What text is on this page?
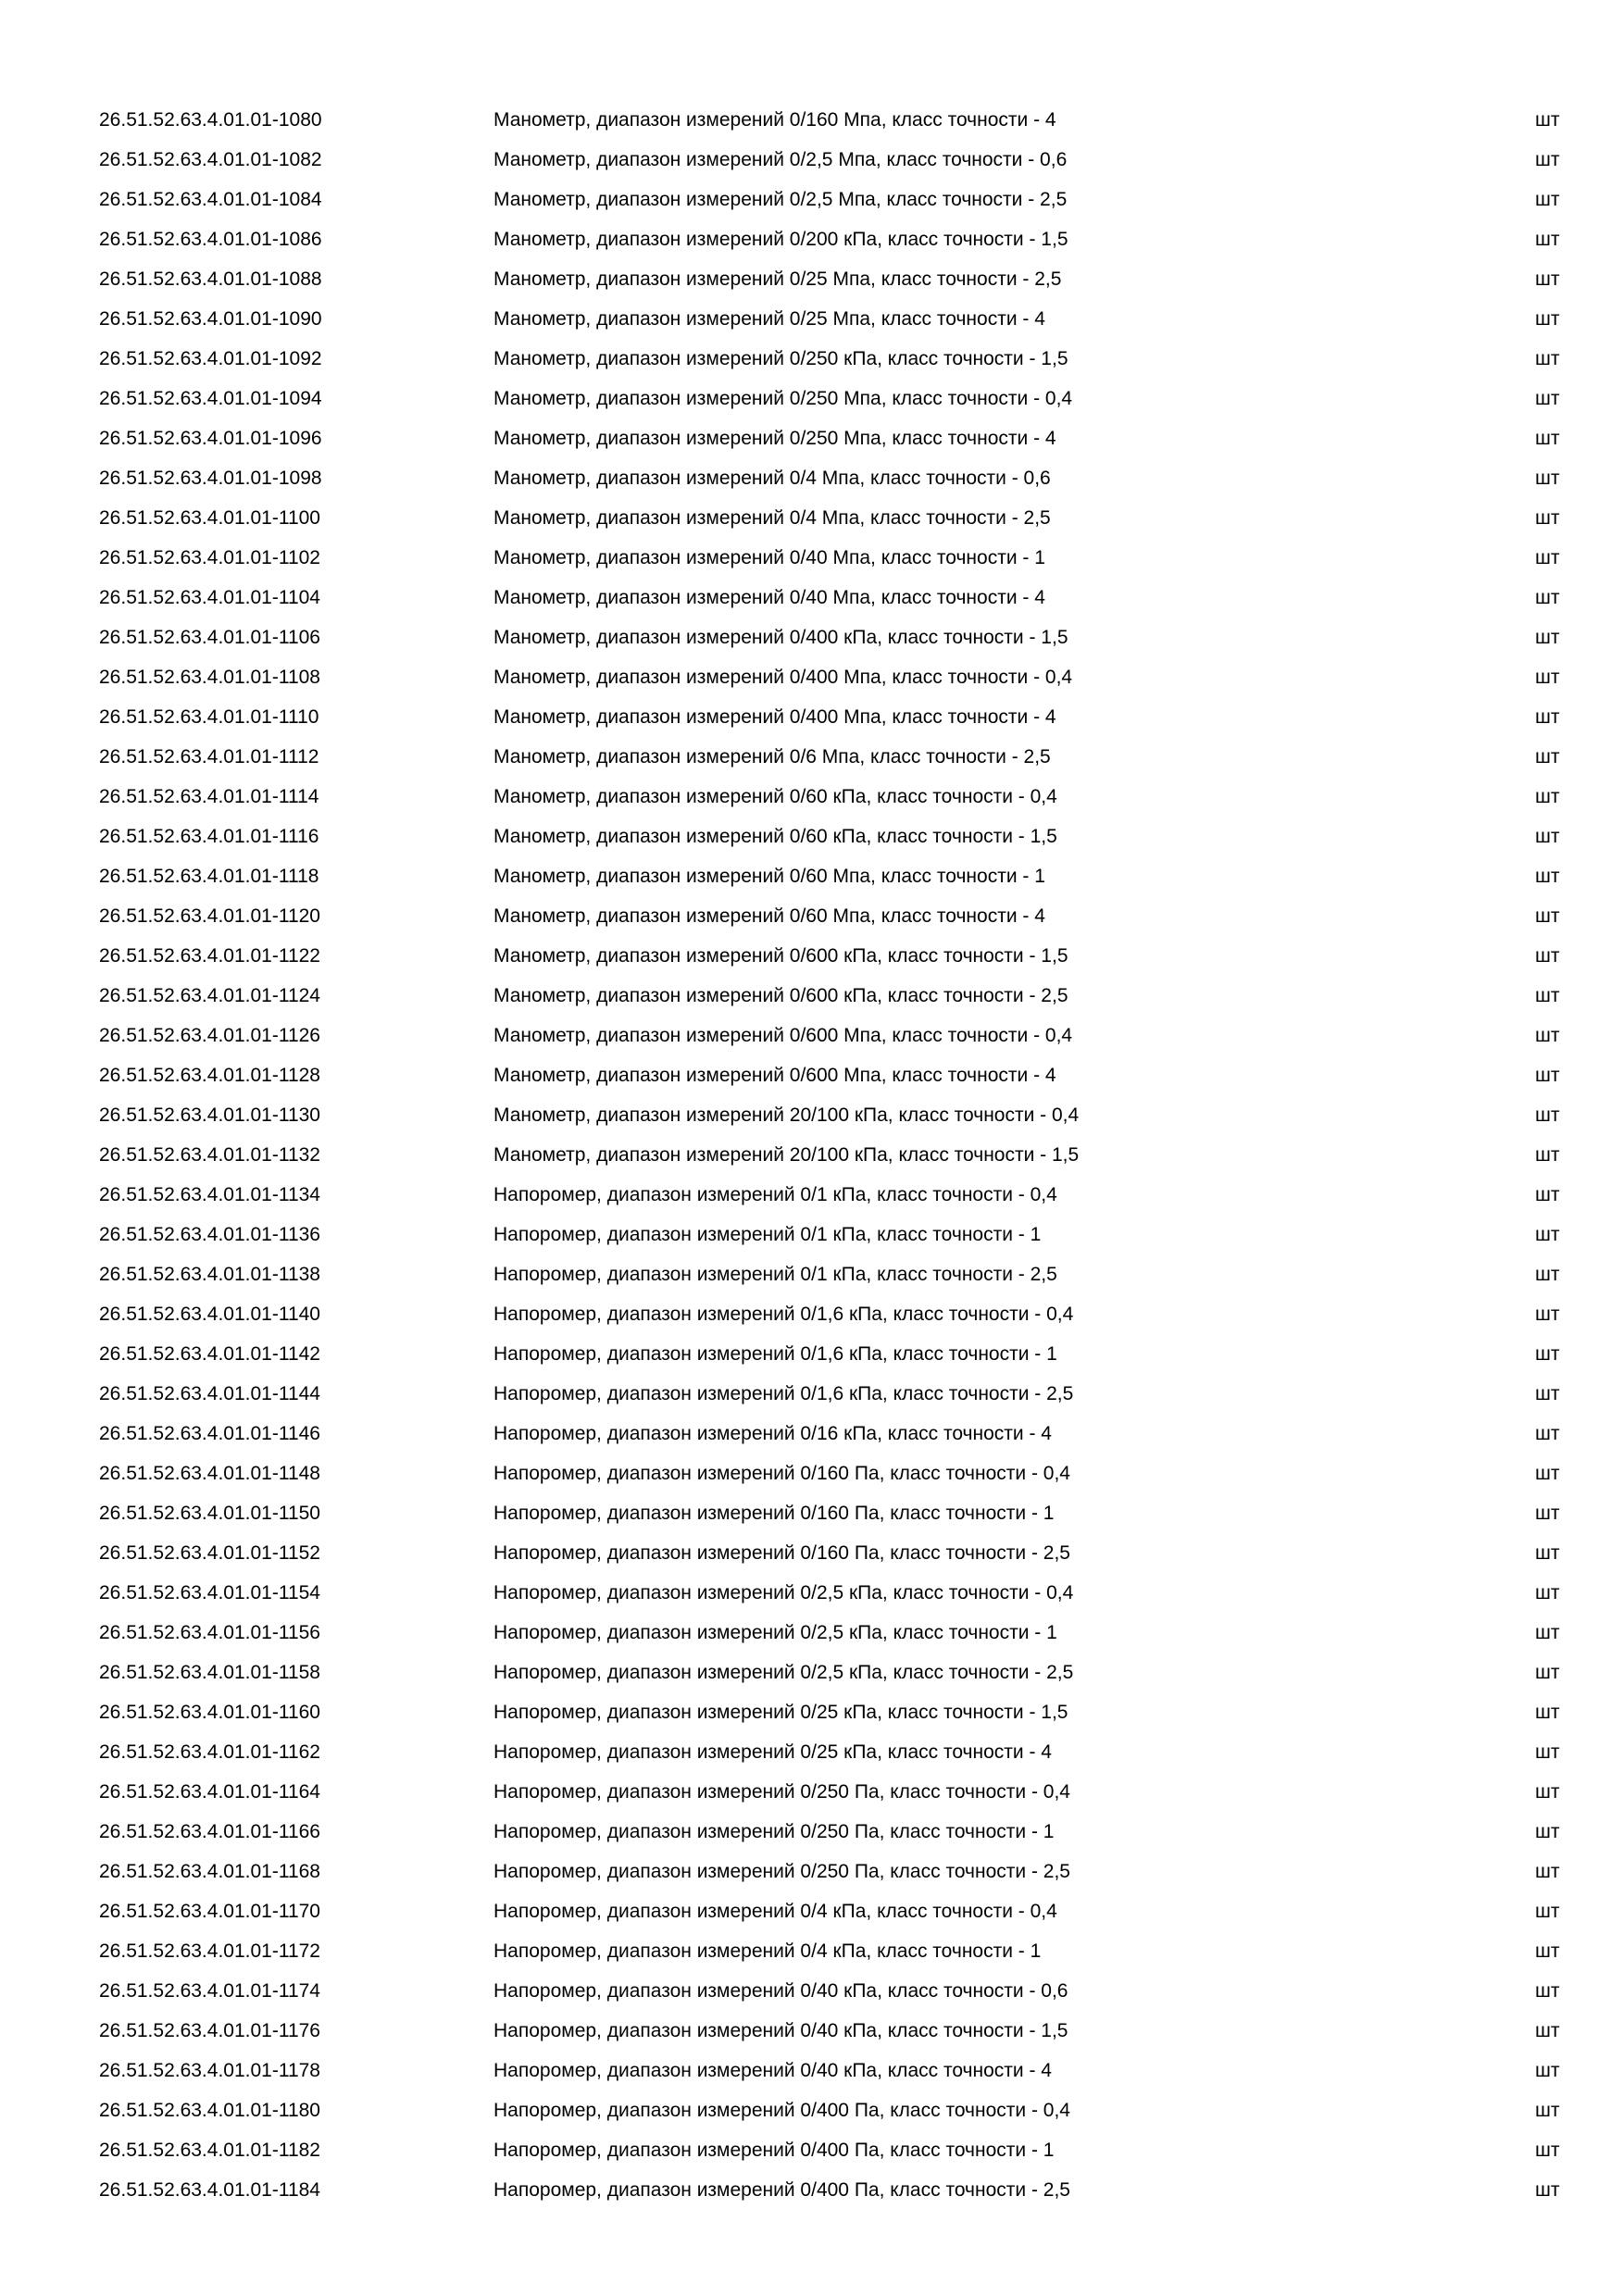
26.51.52.63.4.01.01-1080	Манометр, диапазон измерений 0/160 Мпа, класс точности - 4	шт
26.51.52.63.4.01.01-1082	Манометр, диапазон измерений 0/2,5 Мпа, класс точности - 0,6	шт
26.51.52.63.4.01.01-1084	Манометр, диапазон измерений 0/2,5 Мпа, класс точности - 2,5	шт
26.51.52.63.4.01.01-1086	Манометр, диапазон измерений 0/200 кПа, класс точности - 1,5	шт
26.51.52.63.4.01.01-1088	Манометр, диапазон измерений 0/25 Мпа, класс точности - 2,5	шт
26.51.52.63.4.01.01-1090	Манометр, диапазон измерений 0/25 Мпа, класс точности - 4	шт
26.51.52.63.4.01.01-1092	Манометр, диапазон измерений 0/250 кПа, класс точности - 1,5	шт
26.51.52.63.4.01.01-1094	Манометр, диапазон измерений 0/250 Мпа, класс точности - 0,4	шт
26.51.52.63.4.01.01-1096	Манометр, диапазон измерений 0/250 Мпа, класс точности - 4	шт
26.51.52.63.4.01.01-1098	Манометр, диапазон измерений 0/4 Мпа, класс точности - 0,6	шт
26.51.52.63.4.01.01-1100	Манометр, диапазон измерений 0/4 Мпа, класс точности - 2,5	шт
26.51.52.63.4.01.01-1102	Манометр, диапазон измерений 0/40 Мпа, класс точности - 1	шт
26.51.52.63.4.01.01-1104	Манометр, диапазон измерений 0/40 Мпа, класс точности - 4	шт
26.51.52.63.4.01.01-1106	Манометр, диапазон измерений 0/400 кПа, класс точности - 1,5	шт
26.51.52.63.4.01.01-1108	Манометр, диапазон измерений 0/400 Мпа, класс точности - 0,4	шт
26.51.52.63.4.01.01-1110	Манометр, диапазон измерений 0/400 Мпа, класс точности - 4	шт
26.51.52.63.4.01.01-1112	Манометр, диапазон измерений 0/6 Мпа, класс точности - 2,5	шт
26.51.52.63.4.01.01-1114	Манометр, диапазон измерений 0/60 кПа, класс точности - 0,4	шт
26.51.52.63.4.01.01-1116	Манометр, диапазон измерений 0/60 кПа, класс точности - 1,5	шт
26.51.52.63.4.01.01-1118	Манометр, диапазон измерений 0/60 Мпа, класс точности - 1	шт
26.51.52.63.4.01.01-1120	Манометр, диапазон измерений 0/60 Мпа, класс точности - 4	шт
26.51.52.63.4.01.01-1122	Манометр, диапазон измерений 0/600 кПа, класс точности - 1,5	шт
26.51.52.63.4.01.01-1124	Манометр, диапазон измерений 0/600 кПа, класс точности - 2,5	шт
26.51.52.63.4.01.01-1126	Манометр, диапазон измерений 0/600 Мпа, класс точности - 0,4	шт
26.51.52.63.4.01.01-1128	Манометр, диапазон измерений 0/600 Мпа, класс точности - 4	шт
26.51.52.63.4.01.01-1130	Манометр, диапазон измерений 20/100 кПа, класс точности - 0,4	шт
26.51.52.63.4.01.01-1132	Манометр, диапазон измерений 20/100 кПа, класс точности - 1,5	шт
26.51.52.63.4.01.01-1134	Напоромер, диапазон измерений 0/1 кПа, класс точности - 0,4	шт
26.51.52.63.4.01.01-1136	Напоромер, диапазон измерений 0/1 кПа, класс точности - 1	шт
26.51.52.63.4.01.01-1138	Напоромер, диапазон измерений 0/1 кПа, класс точности - 2,5	шт
26.51.52.63.4.01.01-1140	Напоромер, диапазон измерений 0/1,6 кПа, класс точности - 0,4	шт
26.51.52.63.4.01.01-1142	Напоромер, диапазон измерений 0/1,6 кПа, класс точности - 1	шт
26.51.52.63.4.01.01-1144	Напоромер, диапазон измерений 0/1,6 кПа, класс точности - 2,5	шт
26.51.52.63.4.01.01-1146	Напоромер, диапазон измерений 0/16 кПа, класс точности - 4	шт
26.51.52.63.4.01.01-1148	Напоромер, диапазон измерений 0/160 Па, класс точности - 0,4	шт
26.51.52.63.4.01.01-1150	Напоромер, диапазон измерений 0/160 Па, класс точности - 1	шт
26.51.52.63.4.01.01-1152	Напоромер, диапазон измерений 0/160 Па, класс точности - 2,5	шт
26.51.52.63.4.01.01-1154	Напоромер, диапазон измерений 0/2,5 кПа, класс точности - 0,4	шт
26.51.52.63.4.01.01-1156	Напоромер, диапазон измерений 0/2,5 кПа, класс точности - 1	шт
26.51.52.63.4.01.01-1158	Напоромер, диапазон измерений 0/2,5 кПа, класс точности - 2,5	шт
26.51.52.63.4.01.01-1160	Напоромер, диапазон измерений 0/25 кПа, класс точности - 1,5	шт
26.51.52.63.4.01.01-1162	Напоромер, диапазон измерений 0/25 кПа, класс точности - 4	шт
26.51.52.63.4.01.01-1164	Напоромер, диапазон измерений 0/250 Па, класс точности - 0,4	шт
26.51.52.63.4.01.01-1166	Напоромер, диапазон измерений 0/250 Па, класс точности - 1	шт
26.51.52.63.4.01.01-1168	Напоромер, диапазон измерений 0/250 Па, класс точности - 2,5	шт
26.51.52.63.4.01.01-1170	Напоромер, диапазон измерений 0/4 кПа, класс точности - 0,4	шт
26.51.52.63.4.01.01-1172	Напоромер, диапазон измерений 0/4 кПа, класс точности - 1	шт
26.51.52.63.4.01.01-1174	Напоромер, диапазон измерений 0/40 кПа, класс точности - 0,6	шт
26.51.52.63.4.01.01-1176	Напоромер, диапазон измерений 0/40 кПа, класс точности - 1,5	шт
26.51.52.63.4.01.01-1178	Напоромер, диапазон измерений 0/40 кПа, класс точности - 4	шт
26.51.52.63.4.01.01-1180	Напоромер, диапазон измерений 0/400 Па, класс точности - 0,4	шт
26.51.52.63.4.01.01-1182	Напоромер, диапазон измерений 0/400 Па, класс точности - 1	шт
26.51.52.63.4.01.01-1184	Напоромер, диапазон измерений 0/400 Па, класс точности - 2,5	шт
